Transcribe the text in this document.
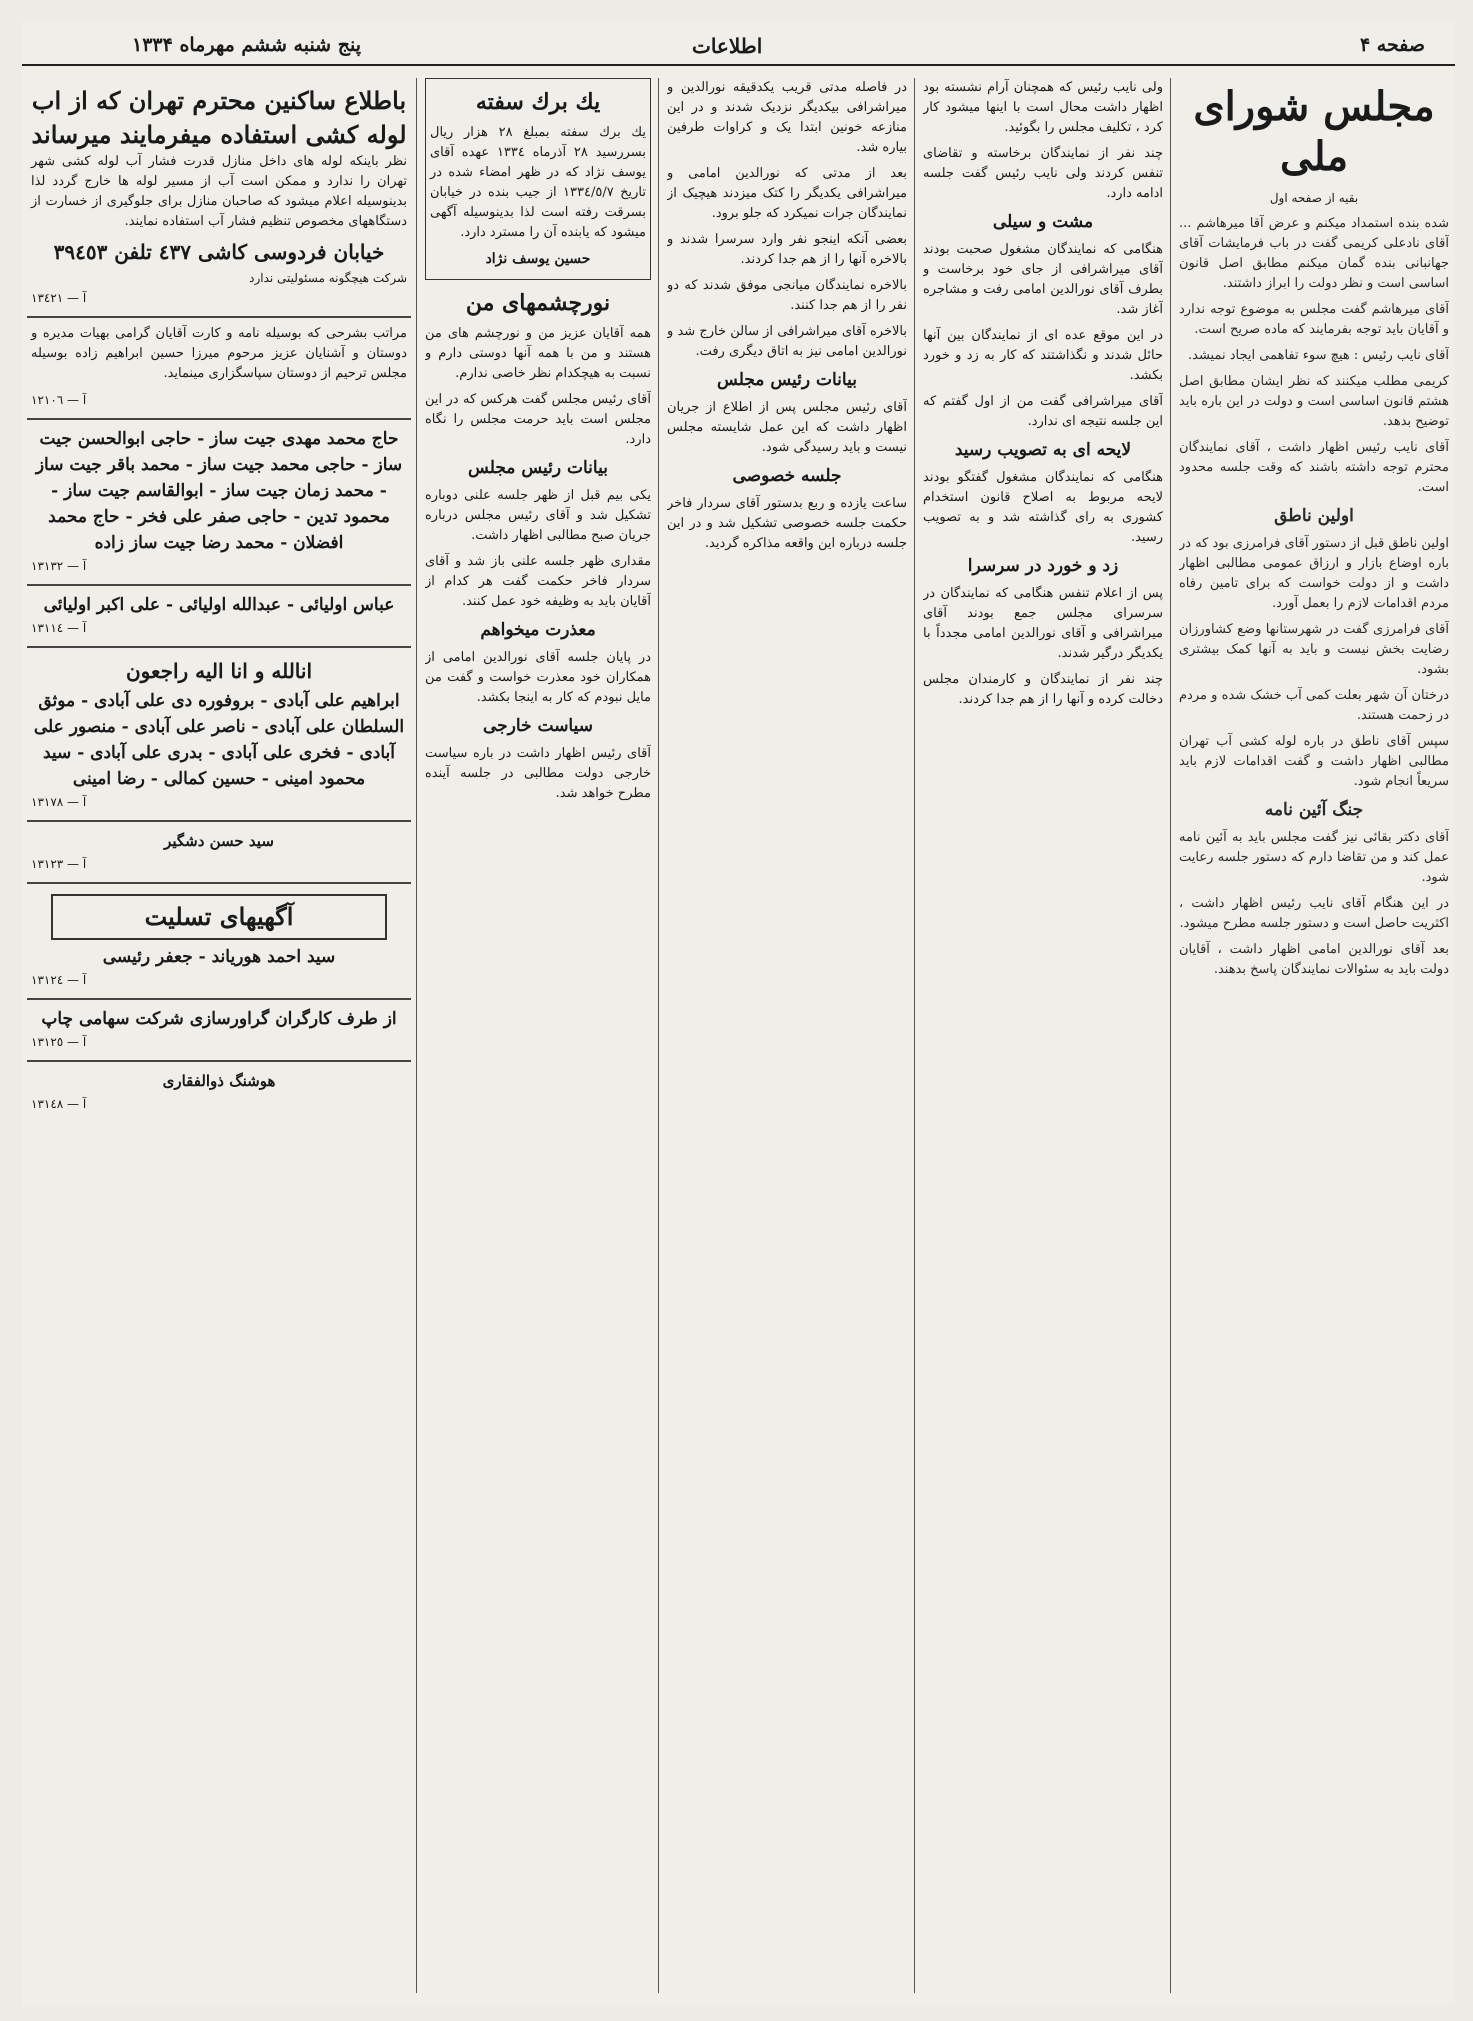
پنج شنبه ششم مهرماه ۱۳۳۴	اطلاعات	صفحه ۴
مجلس شورای ملی
بقیه از صفحه اول

شده بنده استمداد میکنم و عرض آقا میرهاشم ... آقای نادعلی کریمی گفت در باب فرمایشات آقای جهانبانی بنده گمان میکنم مطابق اصل قانون اساسی است و نظر دولت را ابراز داشتند.

آقای میرهاشم گفت مجلس به موضوع توجه ندارد و آقایان باید توجه بفرمایند که ماده صریح است.

آقای نایب رئیس : هیچ سوء تفاهمی ایجاد نمیشد.

کریمی مطلب میکنند که نظر ایشان مطابق اصل هشتم قانون اساسی است و دولت در این باره باید توضیح بدهد.

آقای نایب رئیس اظهار داشت ، آقای نمایندگان محترم توجه داشته باشند که وقت جلسه محدود است.

اولین ناطق

اولین ناطق قبل از دستور آقای فرامرزی بود که در باره اوضاع بازار و ارزاق عمومی مطالبی اظهار داشت و از دولت خواست که برای تامین رفاه مردم اقدامات لازم را بعمل آورد.

آقای فرامرزی گفت در شهرستانها وضع کشاورزان رضایت بخش نیست و باید به آنها کمک بیشتری بشود.

درختان آن شهر بعلت کمی آب خشک شده و مردم در زحمت هستند.

سپس آقای ناطق در باره لوله کشی آب تهران مطالبی اظهار داشت و گفت اقدامات لازم باید سریعاً انجام شود.

جنگ آئین نامه

آقای دکتر بقائی نیز گفت مجلس باید به آئین نامه عمل کند و من تقاضا دارم که دستور جلسه رعایت شود.

در این هنگام آقای نایب رئیس اظهار داشت ، اکثریت حاصل است و دستور جلسه مطرح میشود.

بعد آقای نورالدین امامی اظهار داشت ، آقایان دولت باید به سئوالات نمایندگان پاسخ بدهند.

ولی نایب رئیس که همچنان آرام نشسته بود اظهار داشت محال است با اینها میشود کار کرد ، تکلیف مجلس را بگوئید.

چند نفر از نمایندگان برخاسته و تقاضای تنفس کردند ولی نایب رئیس گفت جلسه ادامه دارد.

مشت و سیلی

هنگامی که نمایندگان مشغول صحبت بودند آقای میراشرافی از جای خود برخاست و بطرف آقای نورالدین امامی رفت و مشاجره آغاز شد.

در این موقع عده ای از نمایندگان بین آنها حائل شدند و نگذاشتند که کار به زد و خورد بکشد.

آقای میراشرافی گفت من از اول گفتم که این جلسه نتیجه ای ندارد.

لایحه ای به تصویب رسید

هنگامی که نمایندگان مشغول گفتگو بودند لایحه مربوط به اصلاح قانون استخدام کشوری به رای گذاشته شد و به تصویب رسید.

زد و خورد در سرسرا

پس از اعلام تنفس هنگامی که نمایندگان در سرسرای مجلس جمع بودند آقای میراشرافی و آقای نورالدین امامی مجدداً با یکدیگر درگیر شدند.

چند نفر از نمایندگان و کارمندان مجلس دخالت کرده و آنها را از هم جدا کردند.

در فاصله مدتی قریب یکدقیقه نورالدین و میراشرافی بیکدیگر نزدیک شدند و در این منازعه خونین ابتدا یک و کراوات طرفین بیاره شد.

بعد از مدتی که نورالدین امامی و میراشرافی یکدیگر را کتک میزدند هیچیک از نمایندگان جرات نمیکرد که جلو برود.

بعضی آنکه اینجو نفر وارد سرسرا شدند و بالاخره آنها را از هم جدا کردند.

بالاخره نمایندگان میانجی موفق شدند که دو نفر را از هم جدا کنند.

بالاخره آقای میراشرافی از سالن خارج شد و نورالدین امامی نیز به اتاق دیگری رفت.

بیانات رئیس مجلس

آقای رئیس مجلس پس از اطلاع از جریان اظهار داشت که این عمل شایسته مجلس نیست و باید رسیدگی شود.

جلسه خصوصی

ساعت یازده و ربع بدستور آقای سردار فاخر حکمت جلسه خصوصی تشکیل شد و در این جلسه درباره این واقعه مذاکره گردید.

یك برك سفته

یك برك سفته بمبلغ ۲۸ هزار ریال بسررسید ۲۸ آذرماه ۱۳۳٤ عهده آقای یوسف نژاد که در ظهر امضاء شده در تاریخ ۱۳۳٤/٥/٧ از جیب بنده در خیابان بسرقت رفته است لذا بدینوسیله آگهی میشود که یابنده آن را مسترد دارد.

حسین یوسف نژاد
نورچشمهای من

همه آقایان عزیز من و نورچشم های من هستند و من با همه آنها دوستی دارم و نسبت به هیچکدام نظر خاصی ندارم.

آقای رئیس مجلس گفت هرکس که در این مجلس است باید حرمت مجلس را نگاه دارد.

بیانات رئیس مجلس

یکی بیم قبل از ظهر جلسه علنی دوباره تشکیل شد و آقای رئیس مجلس درباره جریان صبح مطالبی اظهار داشت.

مقداری ظهر جلسه علنی باز شد و آقای سردار فاخر حکمت گفت هر کدام از آقایان باید به وظیفه خود عمل کنند.

معذرت میخواهم

در پایان جلسه آقای نورالدین امامی از همکاران خود معذرت خواست و گفت من مایل نبودم که کار به اینجا بکشد.

سیاست خارجی

آقای رئیس اظهار داشت در باره سیاست خارجی دولت مطالبی در جلسه آینده مطرح خواهد شد.

باطلاع ساکنین محترم تهران که از اب لوله کشی استفاده میفرمایند میرساند

نظر باینکه لوله های داخل منازل قدرت فشار آب لوله کشی شهر تهران را ندارد و ممکن است آب از مسیر لوله ها خارج گردد لذا بدینوسیله اعلام میشود که صاحبان منازل برای جلوگیری از خسارت از دستگاههای مخصوص تنظیم فشار آب استفاده نمایند.

خیابان فردوسی کاشی ٤٣٧ تلفن ٣٩٤٥٣
شرکت هیچگونه مسئولیتی ندارد
آ — ١٣٤٢١

مراتب بشرحی که بوسیله نامه و کارت آقایان گرامی بهیات مدیره و دوستان و آشنایان عزیز مرحوم میرزا حسین ابراهیم زاده بوسیله مجلس ترحیم از دوستان سپاسگزاری مینماید.

آ — ١٢١٠٦
حاج محمد مهدی جیت ساز - حاجی ابوالحسن جیت ساز - حاجی محمد جیت ساز - محمد باقر جیت ساز - محمد زمان جیت ساز - ابوالقاسم جیت ساز - محمود تدین - حاجی صفر علی فخر - حاج محمد افضلان - محمد رضا جیت ساز زاده
آ — ١٣١٣٢
عباس اولیائی - عبدالله اولیائی - علی اکبر اولیائی
آ — ١٣١١٤
انالله و انا الیه راجعون
ابراهیم علی آبادی - بروفوره دی علی آبادی - موثق السلطان علی آبادی - ناصر علی آبادی - منصور علی آبادی - فخری علی آبادی - بدری علی آبادی - سید محمود امینی - حسین کمالی - رضا امینی
آ — ١٣١٧٨
سید حسن دشگیر
آ — ١٣١٢٣
آگهیهای تسلیت
سید احمد هوریاند - جعفر رئیسی
آ — ١٣١٢٤
از طرف کارگران گراورسازی شرکت سهامی چاپ
آ — ١٣١٢٥
هوشنگ ذوالفقاری
آ — ١٣١٤٨
